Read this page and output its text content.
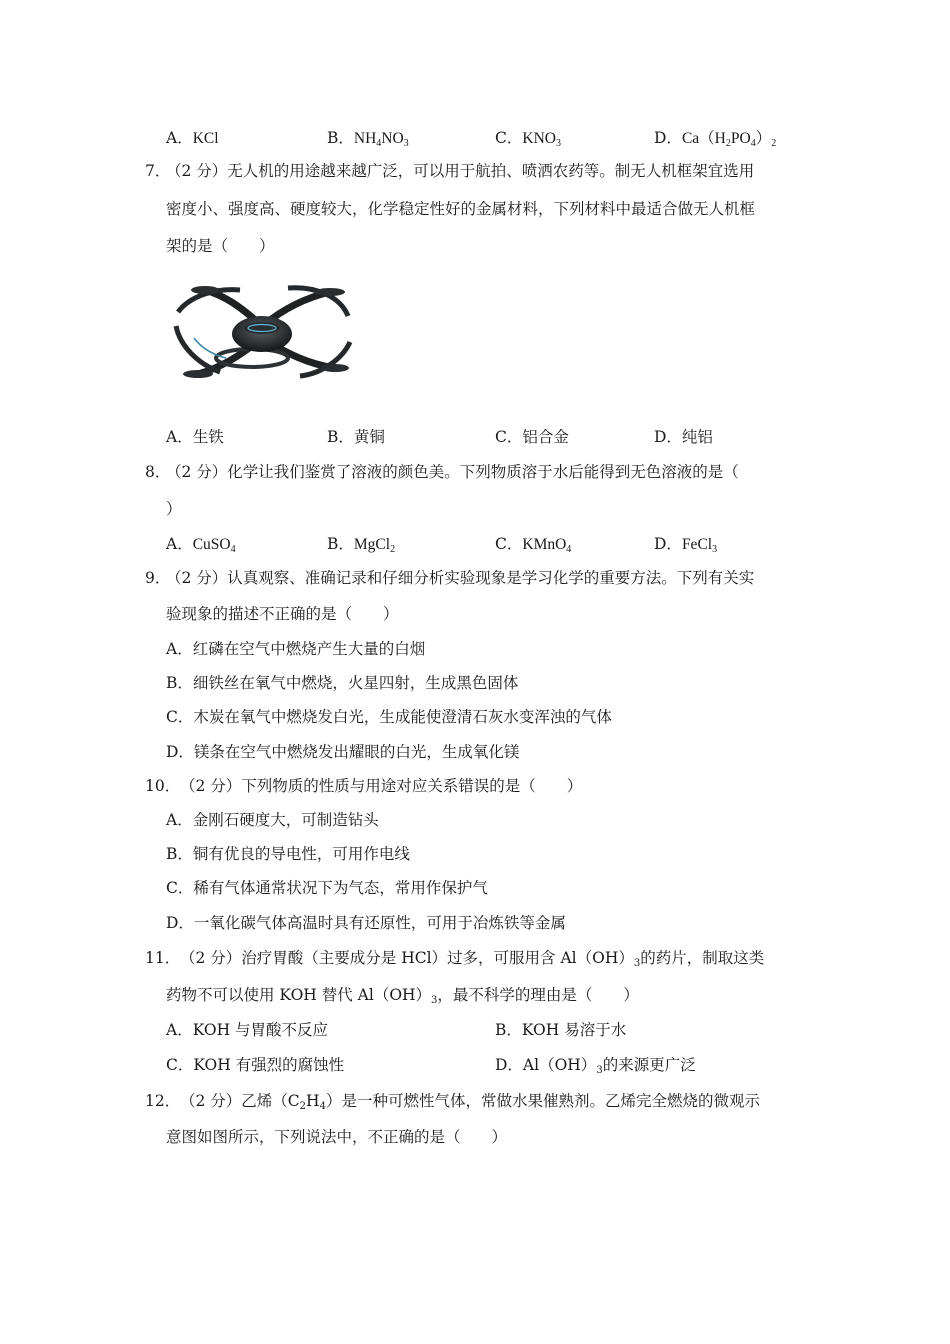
A．KCl	B．$NH_4NO_3$	C．$KNO_3$	D．$Ca(H_2PO_4)_2$
7．
（2 分）无人机的用途越来越广泛，可以用于航拍、喷洒农药等。制无人机框架宜选用
密度小、强度高、硬度较大，化学稳定性好的金属材料，下列材料中最适合做无人机框
架的是（　　）
A．生铁	B．黄铜	C．铝合金	D．纯铝
8．
（2 分）化学让我们鉴赏了溶液的颜色美。下列物质溶于水后能得到无色溶液的是（
）
A．CuSO$_4$	B．MgCl$_2$	C．KMnO$_4$	D．FeCl$_3$
9．
（2 分）认真观察、准确记录和仔细分析实验现象是学习化学的重要方法。下列有关实
验现象的描述不正确的是（　　）
A．红磷在空气中燃烧产生大量的白烟
B．细铁丝在氧气中燃烧，火星四射，生成黑色固体
C．木炭在氧气中燃烧发白光，生成能使澄清石灰水变浑浊的气体
D．镁条在空气中燃烧发出耀眼的白光，生成氧化镁
10． （2 分）下列物质的性质与用途对应关系错误的是（　　）
A．金刚石硬度大，可制造钻头
B．铜有优良的导电性，可用作电线
C．稀有气体通常状况下为气态，常用作保护气
D．一氧化碳气体高温时具有还原性，可用于冶炼铁等金属
11． （2 分）治疗胃酸（主要成分是 HCl）过多，可服用含 $Al(OH)_3$的药片，制取这类
药物不可以使用 KOH 替代 $Al(OH)_3$，最不科学的理由是（　　）
A．KOH 与胃酸不反应	B．KOH 易溶于水
C．KOH 有强烈的腐蚀性	D．$Al(OH)_3$的来源更广泛
12． （2 分）乙烯$(C_2H_4)$是一种可燃性气体，常做水果催熟剂。乙烯完全燃烧的微观示
意图如图所示，下列说法中，不正确的是（　　）
